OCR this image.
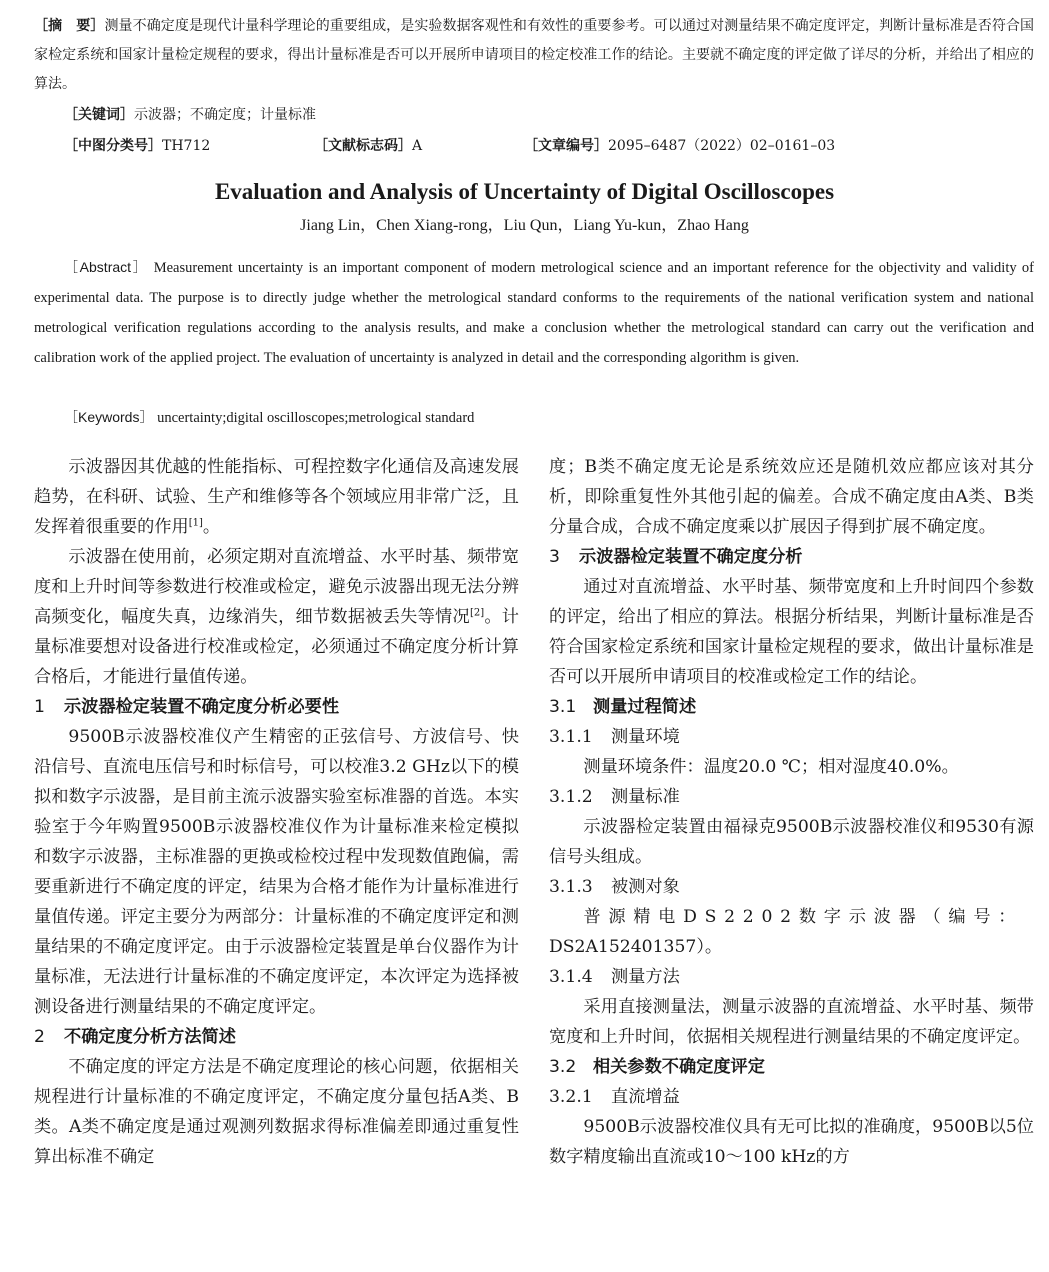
［摘　要］测量不确定度是现代计量科学理论的重要组成，是实验数据客观性和有效性的重要参考。可以通过对测量结果不确定度评定，判断计量标准是否符合国家检定系统和国家计量检定规程的要求，得出计量标准是否可以开展所申请项目的检定校准工作的结论。主要就不确定度的评定做了详尽的分析，并给出了相应的算法。
［关键词］示波器；不确定度；计量标准
［中图分类号］TH712	［文献标志码］A	［文章编号］2095–6487（2022）02–0161–03
Evaluation and Analysis of Uncertainty of Digital Oscilloscopes
Jiang Lin，Chen Xiang-rong，Liu Qun，Liang Yu-kun，Zhao Hang
［Abstract］ Measurement uncertainty is an important component of modern metrological science and an important reference for the objectivity and validity of experimental data. The purpose is to directly judge whether the metrological standard conforms to the requirements of the national verification system and national metrological verification regulations according to the analysis results, and make a conclusion whether the metrological standard can carry out the verification and calibration work of the applied project. The evaluation of uncertainty is analyzed in detail and the corresponding algorithm is given.
［Keywords］ uncertainty;digital oscilloscopes;metrological standard

示波器因其优越的性能指标、可程控数字化通信及高速发展趋势，在科研、试验、生产和维修等各个领域应用非常广泛，且发挥着很重要的作用[1]。

示波器在使用前，必须定期对直流增益、水平时基、频带宽度和上升时间等参数进行校准或检定，避免示波器出现无法分辨高频变化，幅度失真，边缘消失，细节数据被丢失等情况[2]。计量标准要想对设备进行校准或检定，必须通过不确定度分析计算合格后，才能进行量值传递。

1 示波器检定装置不确定度分析必要性

9500B示波器校准仪产生精密的正弦信号、方波信号、快沿信号、直流电压信号和时标信号，可以校准3.2 GHz以下的模拟和数字示波器，是目前主流示波器实验室标准器的首选。本实验室于今年购置9500B示波器校准仪作为计量标准来检定模拟和数字示波器，主标准器的更换或检校过程中发现数值跑偏，需要重新进行不确定度的评定，结果为合格才能作为计量标准进行量值传递。评定主要分为两部分：计量标准的不确定度评定和测量结果的不确定度评定。由于示波器检定装置是单台仪器作为计量标准，无法进行计量标准的不确定度评定，本次评定为选择被测设备进行测量结果的不确定度评定。

2 不确定度分析方法简述

不确定度的评定方法是不确定度理论的核心问题，依据相关规程进行计量标准的不确定度评定，不确定度分量包括A类、B类。A类不确定度是通过观测列数据求得标准偏差即通过重复性算出标准不确定

度；B类不确定度无论是系统效应还是随机效应都应该对其分析，即除重复性外其他引起的偏差。合成不确定度由A类、B类分量合成，合成不确定度乘以扩展因子得到扩展不确定度。

3 示波器检定装置不确定度分析

通过对直流增益、水平时基、频带宽度和上升时间四个参数的评定，给出了相应的算法。根据分析结果，判断计量标准是否符合国家检定系统和国家计量检定规程的要求，做出计量标准是否可以开展所申请项目的校准或检定工作的结论。

3.1 测量过程简述
3.1.1 测量环境

测量环境条件：温度20.0 ℃；相对湿度40.0%。

3.1.2 测量标准

示波器检定装置由福禄克9500B示波器校准仪和9530有源信号头组成。

3.1.3 被测对象

普源精电DS2202数字示波器（编号：

DS2A152401357）。

3.1.4 测量方法

采用直接测量法，测量示波器的直流增益、水平时基、频带宽度和上升时间，依据相关规程进行测量结果的不确定度评定。

3.2 相关参数不确定度评定
3.2.1 直流增益

9500B示波器校准仪具有无可比拟的准确度，9500B以5位数字精度输出直流或10～100 kHz的方
